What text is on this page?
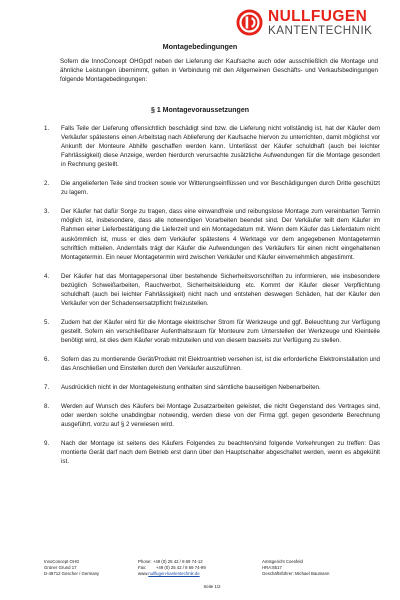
NULLFUGEN
KANTENTECHNIK
Montagebedingungen

Sofern die InnoConcept OHGpdf neben der Lieferung der Kaufsache auch oder ausschließlich die Montage und ähnliche Leistungen übernimmt, gelten in Verbindung mit den Allgemeinen Geschäfts- und Verkaufsbedingungen folgende Montagebedingungen:

§ 1 Montagevoraussetzungen
1. Falls Teile der Lieferung offensichtlich beschädigt sind bzw. die Lieferung nicht vollständig ist, hat der Käufer dem Verkäufer spätestens einen Arbeitstag nach Ablieferung der Kaufsache hiervon zu unterrichten, damit möglichst vor Ankunft der Monteure Abhilfe geschaffen werden kann. Unterlässt der Käufer schuldhaft (auch bei leichter Fahrlässigkeit) diese Anzeige, werden hierdurch verursachte zusätzliche Aufwendungen für die Montage gesondert in Rechnung gestellt.
2. Die angelieferten Teile sind trocken sowie vor Witterungseinflüssen und vor Beschädigungen durch Dritte geschützt zu lagern.
3. Der Käufer hat dafür Sorge zu tragen, dass eine einwandfreie und reibungslose Montage zum vereinbarten Termin möglich ist, insbesondere, dass alle notwendigen Vorarbeiten beendet sind. Der Verkäufer teilt dem Käufer im Rahmen einer Lieferbestätigung die Lieferzeit und ein Montagedatum mit. Wenn dem Käufer das Lieferdatum nicht auskömmlich ist, muss er dies dem Verkäufer spätestens 4 Werktage vor dem angegebenen Montagetermin schriftlich mitteilen. Andernfalls trägt der Käufer die Aufwendungen des Verkäufers für einen nicht eingehaltenen Montagetermin. Ein neuer Montagetermin wird zwischen Verkäufer und Käufer einvernehmlich abgestimmt.
4. Der Käufer hat das Montagepersonal über bestehende Sicherheitsvorschriften zu informieren, wie insbesondere bezüglich Schweißarbeiten, Rauchverbot, Sicherheitskleidung etc. Kommt der Käufer dieser Verpflichtung schuldhaft (auch bei leichter Fahrlässigkeit) nicht nach und entstehen deswegen Schäden, hat der Käufer den Verkäufer von der Schadensersatzpflicht freizustellen.
5. Zudem hat der Käufer wird für die Montage elektrischer Strom für Werkzeuge und ggf. Beleuchtung zur Verfügung gestellt. Sofern ein verschließbarer Aufenthaltsraum für Monteure zum Unterstellen der Werkzeuge und Kleinteile benötigt wird, ist dies dem Käufer vorab mitzuteilen und von diesem bauseits zur Verfügung zu stellen.
6. Sofern das zu montierende Gerät/Produkt mit Elektroantrieb versehen ist, ist die erforderliche Elektroinstallation und das Anschließen und Einstellen durch den Verkäufer auszuführen.
7. Ausdrücklich nicht in der Montageleistung enthalten sind sämtliche bauseitigen Nebenarbeiten.
8. Werden auf Wunsch des Käufers bei Montage Zusatzarbeiten geleistet, die nicht Gegenstand des Vertrages sind, oder werden solche unabdingbar notwendig, werden diese von der Firma ggf. gegen gesonderte Berechnung ausgeführt, vorzu auf § 2 verwiesen wird.
9. Nach der Montage ist seitens des Käufers Folgendes zu beachten/sind folgende Vorkehrungen zu treffen: Das montierte Gerät darf nach dem Betrieb erst dann über den Hauptschalter abgeschaltet werden, wenn es abgekühlt ist.
InnoConcept OHG
Grüner Grund 17
D-48712 Gescher / Germany
Phone: +49 (0) 25 42 / 8 69 74-12
Fax:        +49 (0) 25 42 / 8 69 74-99
www.nullfugen-kantentechnik.de
Amtsgericht Coesfeld
HRA:8517
Geschäftsführer: Michael Baumann
Seite 1/2
